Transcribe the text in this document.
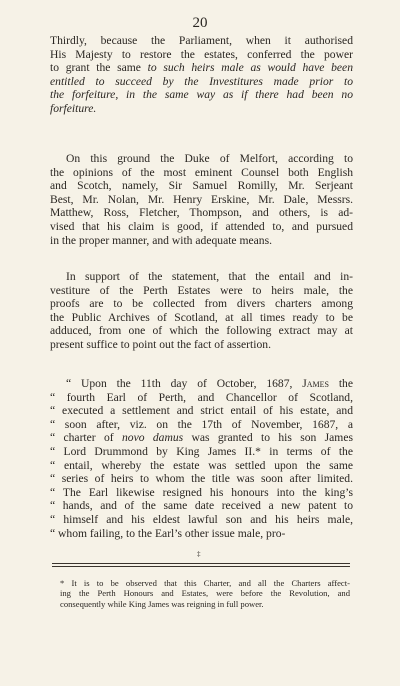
20
Thirdly, because the Parliament, when it authorised
His Majesty to restore the estates, conferred the power
to grant the same to such heirs male as would have been
entitled to succeed by the Investitures made prior to
the forfeiture, in the same way as if there had been no
forfeiture.
On this ground the Duke of Melfort, according to
the opinions of the most eminent Counsel both English
and Scotch, namely, Sir Samuel Romilly, Mr. Serjeant
Best, Mr. Nolan, Mr. Henry Erskine, Mr. Dale, Messrs.
Matthew, Ross, Fletcher, Thompson, and others, is ad-
vised that his claim is good, if attended to, and pursued
in the proper manner, and with adequate means.
In support of the statement, that the entail and in-
vestiture of the Perth Estates were to heirs male, the
proofs are to be collected from divers charters among
the Public Archives of Scotland, at all times ready to be
adduced, from one of which the following extract may at
present suffice to point out the fact of assertion.
“ Upon the 11th day of October, 1687, James the
“ fourth Earl of Perth, and Chancellor of Scotland,
“ executed a settlement and strict entail of his estate, and
“ soon after, viz. on the 17th of November, 1687, a
“ charter of novo damus was granted to his son James
“ Lord Drummond by King James II.* in terms of the
“ entail, whereby the estate was settled upon the same
“ series of heirs to whom the title was soon after limited.
“ The Earl likewise resigned his honours into the king’s
“ hands, and of the same date received a new patent to
“ himself and his eldest lawful son and his heirs male,
“ whom failing, to the Earl’s other issue male, pro-
‡
* It is to be observed that this Charter, and all the Charters affect-
ing the Perth Honours and Estates, were before the Revolution, and
consequently while King James was reigning in full power.
